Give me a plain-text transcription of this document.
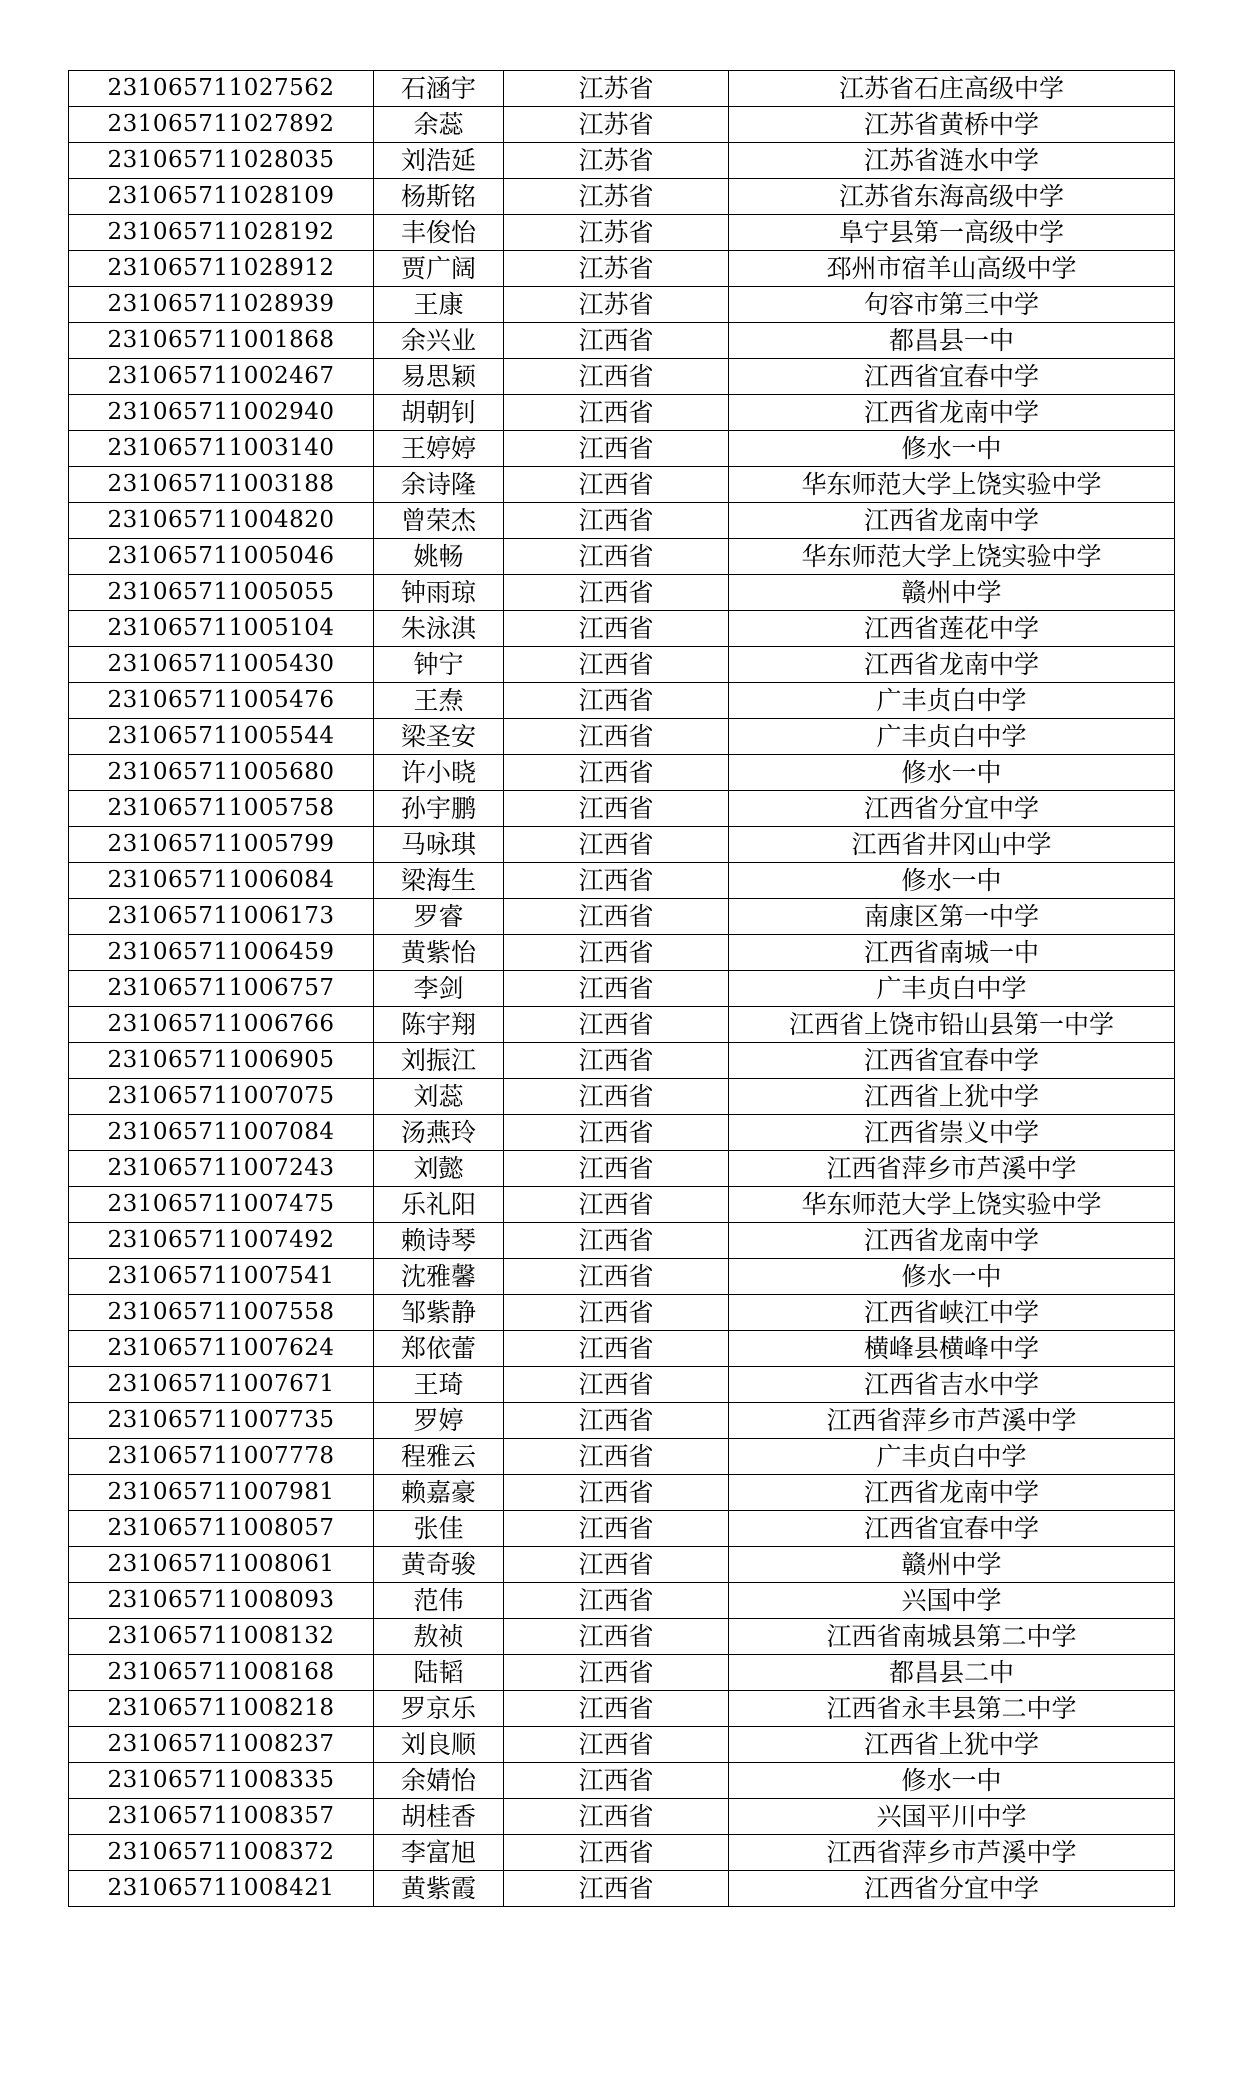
231065711027562	石涵宇	江苏省	江苏省石庄高级中学
231065711027892	余蕊	江苏省	江苏省黄桥中学
231065711028035	刘浩延	江苏省	江苏省涟水中学
231065711028109	杨斯铭	江苏省	江苏省东海高级中学
231065711028192	丰俊怡	江苏省	阜宁县第一高级中学
231065711028912	贾广阔	江苏省	邳州市宿羊山高级中学
231065711028939	王康	江苏省	句容市第三中学
231065711001868	余兴业	江西省	都昌县一中
231065711002467	易思颖	江西省	江西省宜春中学
231065711002940	胡朝钊	江西省	江西省龙南中学
231065711003140	王婷婷	江西省	修水一中
231065711003188	余诗隆	江西省	华东师范大学上饶实验中学
231065711004820	曾荣杰	江西省	江西省龙南中学
231065711005046	姚畅	江西省	华东师范大学上饶实验中学
231065711005055	钟雨琼	江西省	赣州中学
231065711005104	朱泳淇	江西省	江西省莲花中学
231065711005430	钟宁	江西省	江西省龙南中学
231065711005476	王焘	江西省	广丰贞白中学
231065711005544	梁圣安	江西省	广丰贞白中学
231065711005680	许小晓	江西省	修水一中
231065711005758	孙宇鹏	江西省	江西省分宜中学
231065711005799	马咏琪	江西省	江西省井冈山中学
231065711006084	梁海生	江西省	修水一中
231065711006173	罗睿	江西省	南康区第一中学
231065711006459	黄紫怡	江西省	江西省南城一中
231065711006757	李剑	江西省	广丰贞白中学
231065711006766	陈宇翔	江西省	江西省上饶市铅山县第一中学
231065711006905	刘振江	江西省	江西省宜春中学
231065711007075	刘蕊	江西省	江西省上犹中学
231065711007084	汤燕玲	江西省	江西省崇义中学
231065711007243	刘懿	江西省	江西省萍乡市芦溪中学
231065711007475	乐礼阳	江西省	华东师范大学上饶实验中学
231065711007492	赖诗琴	江西省	江西省龙南中学
231065711007541	沈雅馨	江西省	修水一中
231065711007558	邹紫静	江西省	江西省峡江中学
231065711007624	郑依蕾	江西省	横峰县横峰中学
231065711007671	王琦	江西省	江西省吉水中学
231065711007735	罗婷	江西省	江西省萍乡市芦溪中学
231065711007778	程雅云	江西省	广丰贞白中学
231065711007981	赖嘉豪	江西省	江西省龙南中学
231065711008057	张佳	江西省	江西省宜春中学
231065711008061	黄奇骏	江西省	赣州中学
231065711008093	范伟	江西省	兴国中学
231065711008132	敖祯	江西省	江西省南城县第二中学
231065711008168	陆韬	江西省	都昌县二中
231065711008218	罗京乐	江西省	江西省永丰县第二中学
231065711008237	刘良顺	江西省	江西省上犹中学
231065711008335	余婧怡	江西省	修水一中
231065711008357	胡桂香	江西省	兴国平川中学
231065711008372	李富旭	江西省	江西省萍乡市芦溪中学
231065711008421	黄紫霞	江西省	江西省分宜中学
